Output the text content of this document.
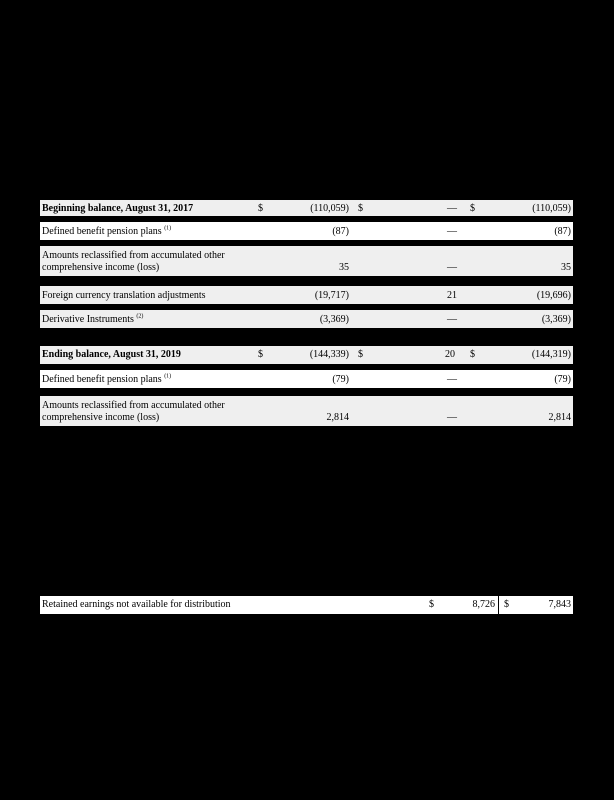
Beginning balance, August 31, 2017	$	(110,059) $	— $	(110,059)
Defined benefit pension plans $^{(1)}$	(87)	—	(87)
Amounts reclassified from accumulated other
comprehensive income (loss)	35	—	35
Foreign currency translation adjustments	(19,717)	21	(19,696)
Derivative Instruments $^{(2)}$	(3,369)	—	(3,369)
Ending balance, August 31, 2019	$	(144,339) $	20 $	(144,319)
Defined benefit pension plans $^{(1)}$	(79)	—	(79)
Amounts reclassified from accumulated other
comprehensive income (loss)	2,814	—	2,814
Retained earnings not available for distribution	$	8,726 $	7,843
